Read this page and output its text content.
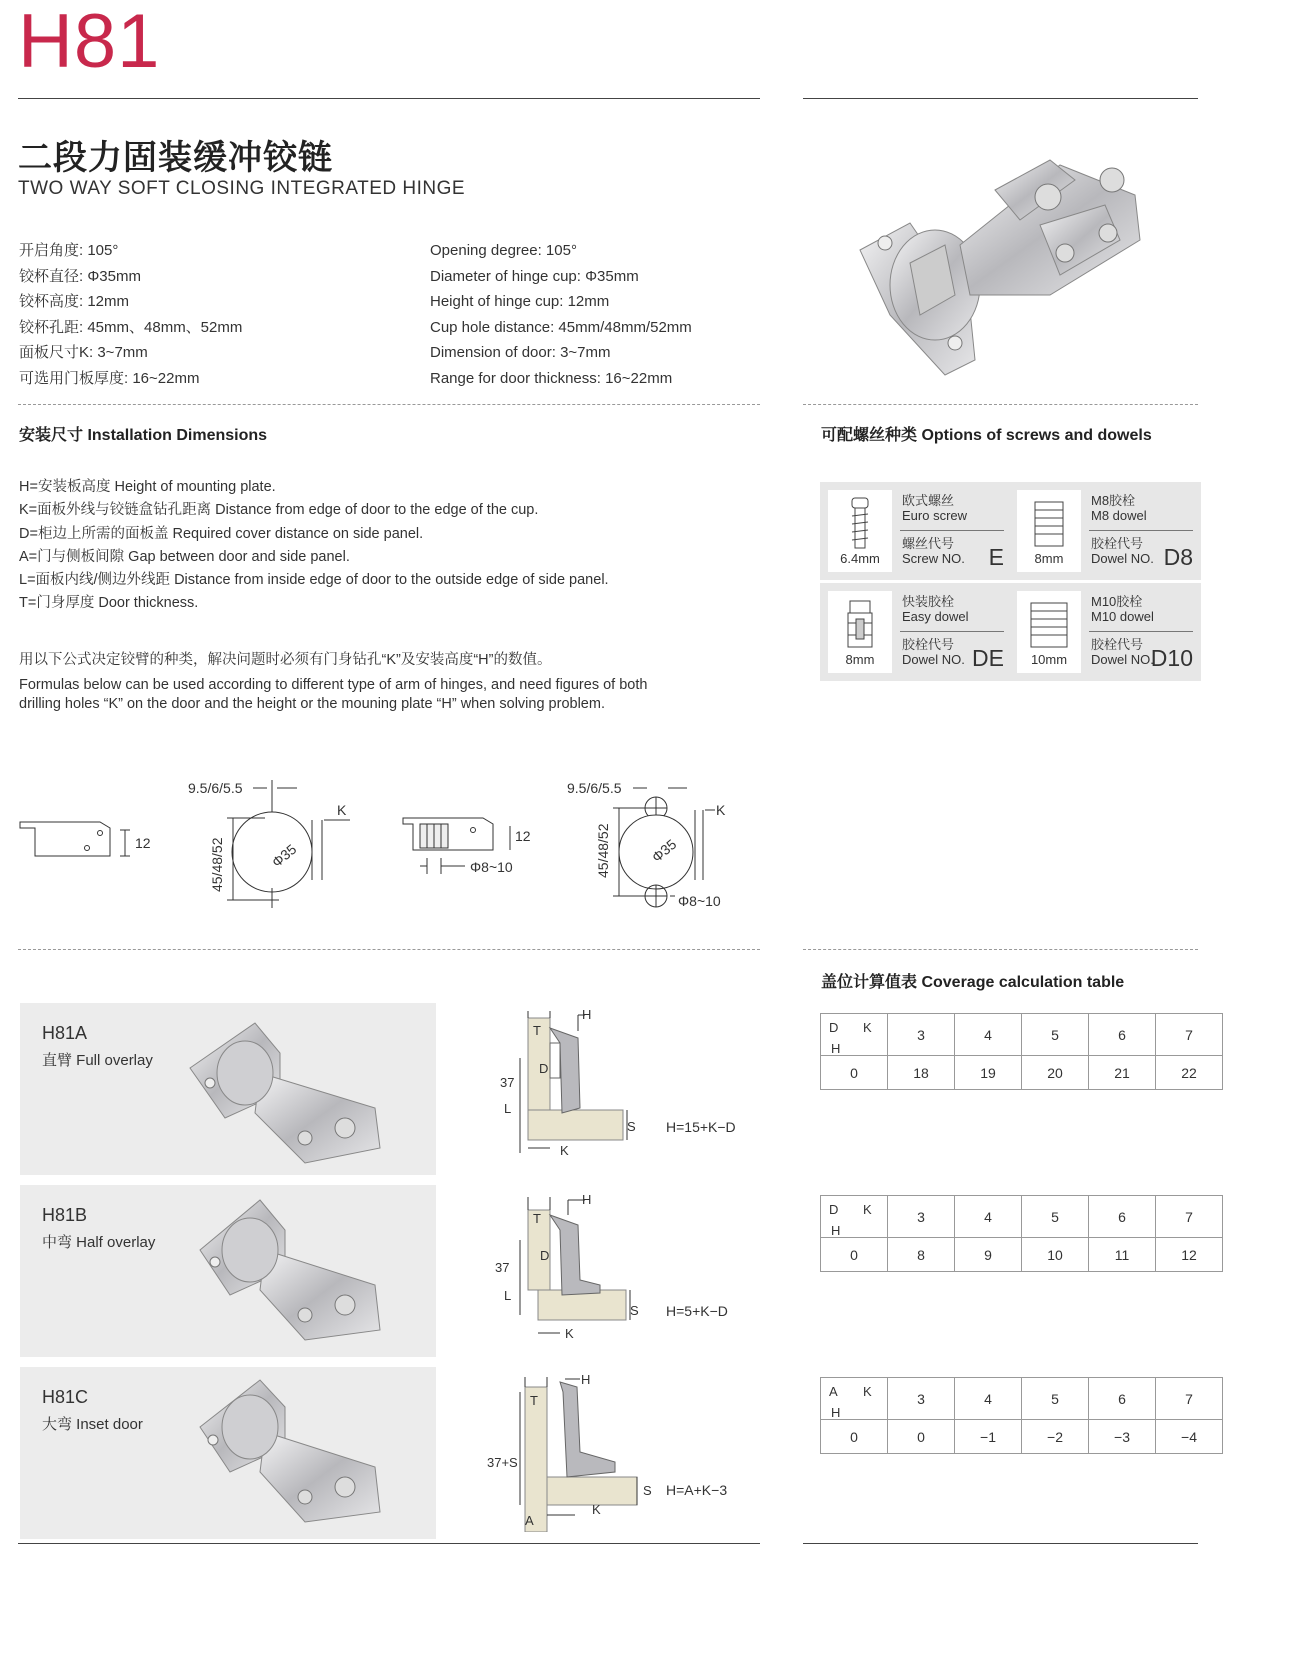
H81
二段力固装缓冲铰链
TWO WAY SOFT CLOSING INTEGRATED HINGE
开启角度: 105°
铰杯直径: Φ35mm
铰杯高度: 12mm
铰杯孔距: 45mm、48mm、52mm
面板尺寸K: 3~7mm
可选用门板厚度: 16~22mm
Opening degree: 105°
Diameter of hinge cup: Φ35mm
Height of hinge cup: 12mm
Cup hole distance: 45mm/48mm/52mm
Dimension of door: 3~7mm
Range for door thickness: 16~22mm
安装尺寸 Installation Dimensions
H=安装板高度 Height of mounting plate.
K=面板外线与铰链盒钻孔距离 Distance from edge of door to the edge of the cup.
D=柜边上所需的面板盖 Required cover distance on side panel.
A=门与侧板间隙 Gap between door and side panel.
L=面板内线/侧边外线距 Distance from inside edge of door to the outside edge of side panel.
T=门身厚度 Door thickness.
用以下公式决定铰臂的种类，解决问题时必须有门身钻孔“K”及安装高度“H”的数值。
Formulas below can be used according to different type of arm of hinges, and need figures of both
drilling holes “K” on the door and the height or the mouning plate “H” when solving problem.
12
9.5/6/5.5
45/48/52
K
Φ35
12
Φ8~10
9.5/6/5.5
45/48/52
K
Φ35
Φ8~10
可配螺丝种类 Options of screws and dowels
6.4mm
欧式螺丝
Euro screw
螺丝代号
Screw NO. E	8mm
M8胶栓
M8 dowel
胶栓代号
Dowel NO. D8
8mm
快装胶栓
Easy dowel
胶栓代号
Dowel NO. DE	10mm
M10胶栓
M10 dowel
胶栓代号
Dowel NO.
D10
盖位计算值表 Coverage calculation table
H81A
直臂 Full overlay
H81B
中弯 Half overlay
H81C
大弯 Inset door
T
D
37
L
H
K
S H=15+K−D
T
D
37
L
H
K
S H=5+K−D
T
37+S
A
H
K
S H=A+K−3
D K
H	3	4	5	6	7
0	18	19	20	21	22
D K
H	3	4	5	6	7
0	8	9	10	11	12
A K
H	3	4	5	6	7
0	0	−1	−2	−3	−4
